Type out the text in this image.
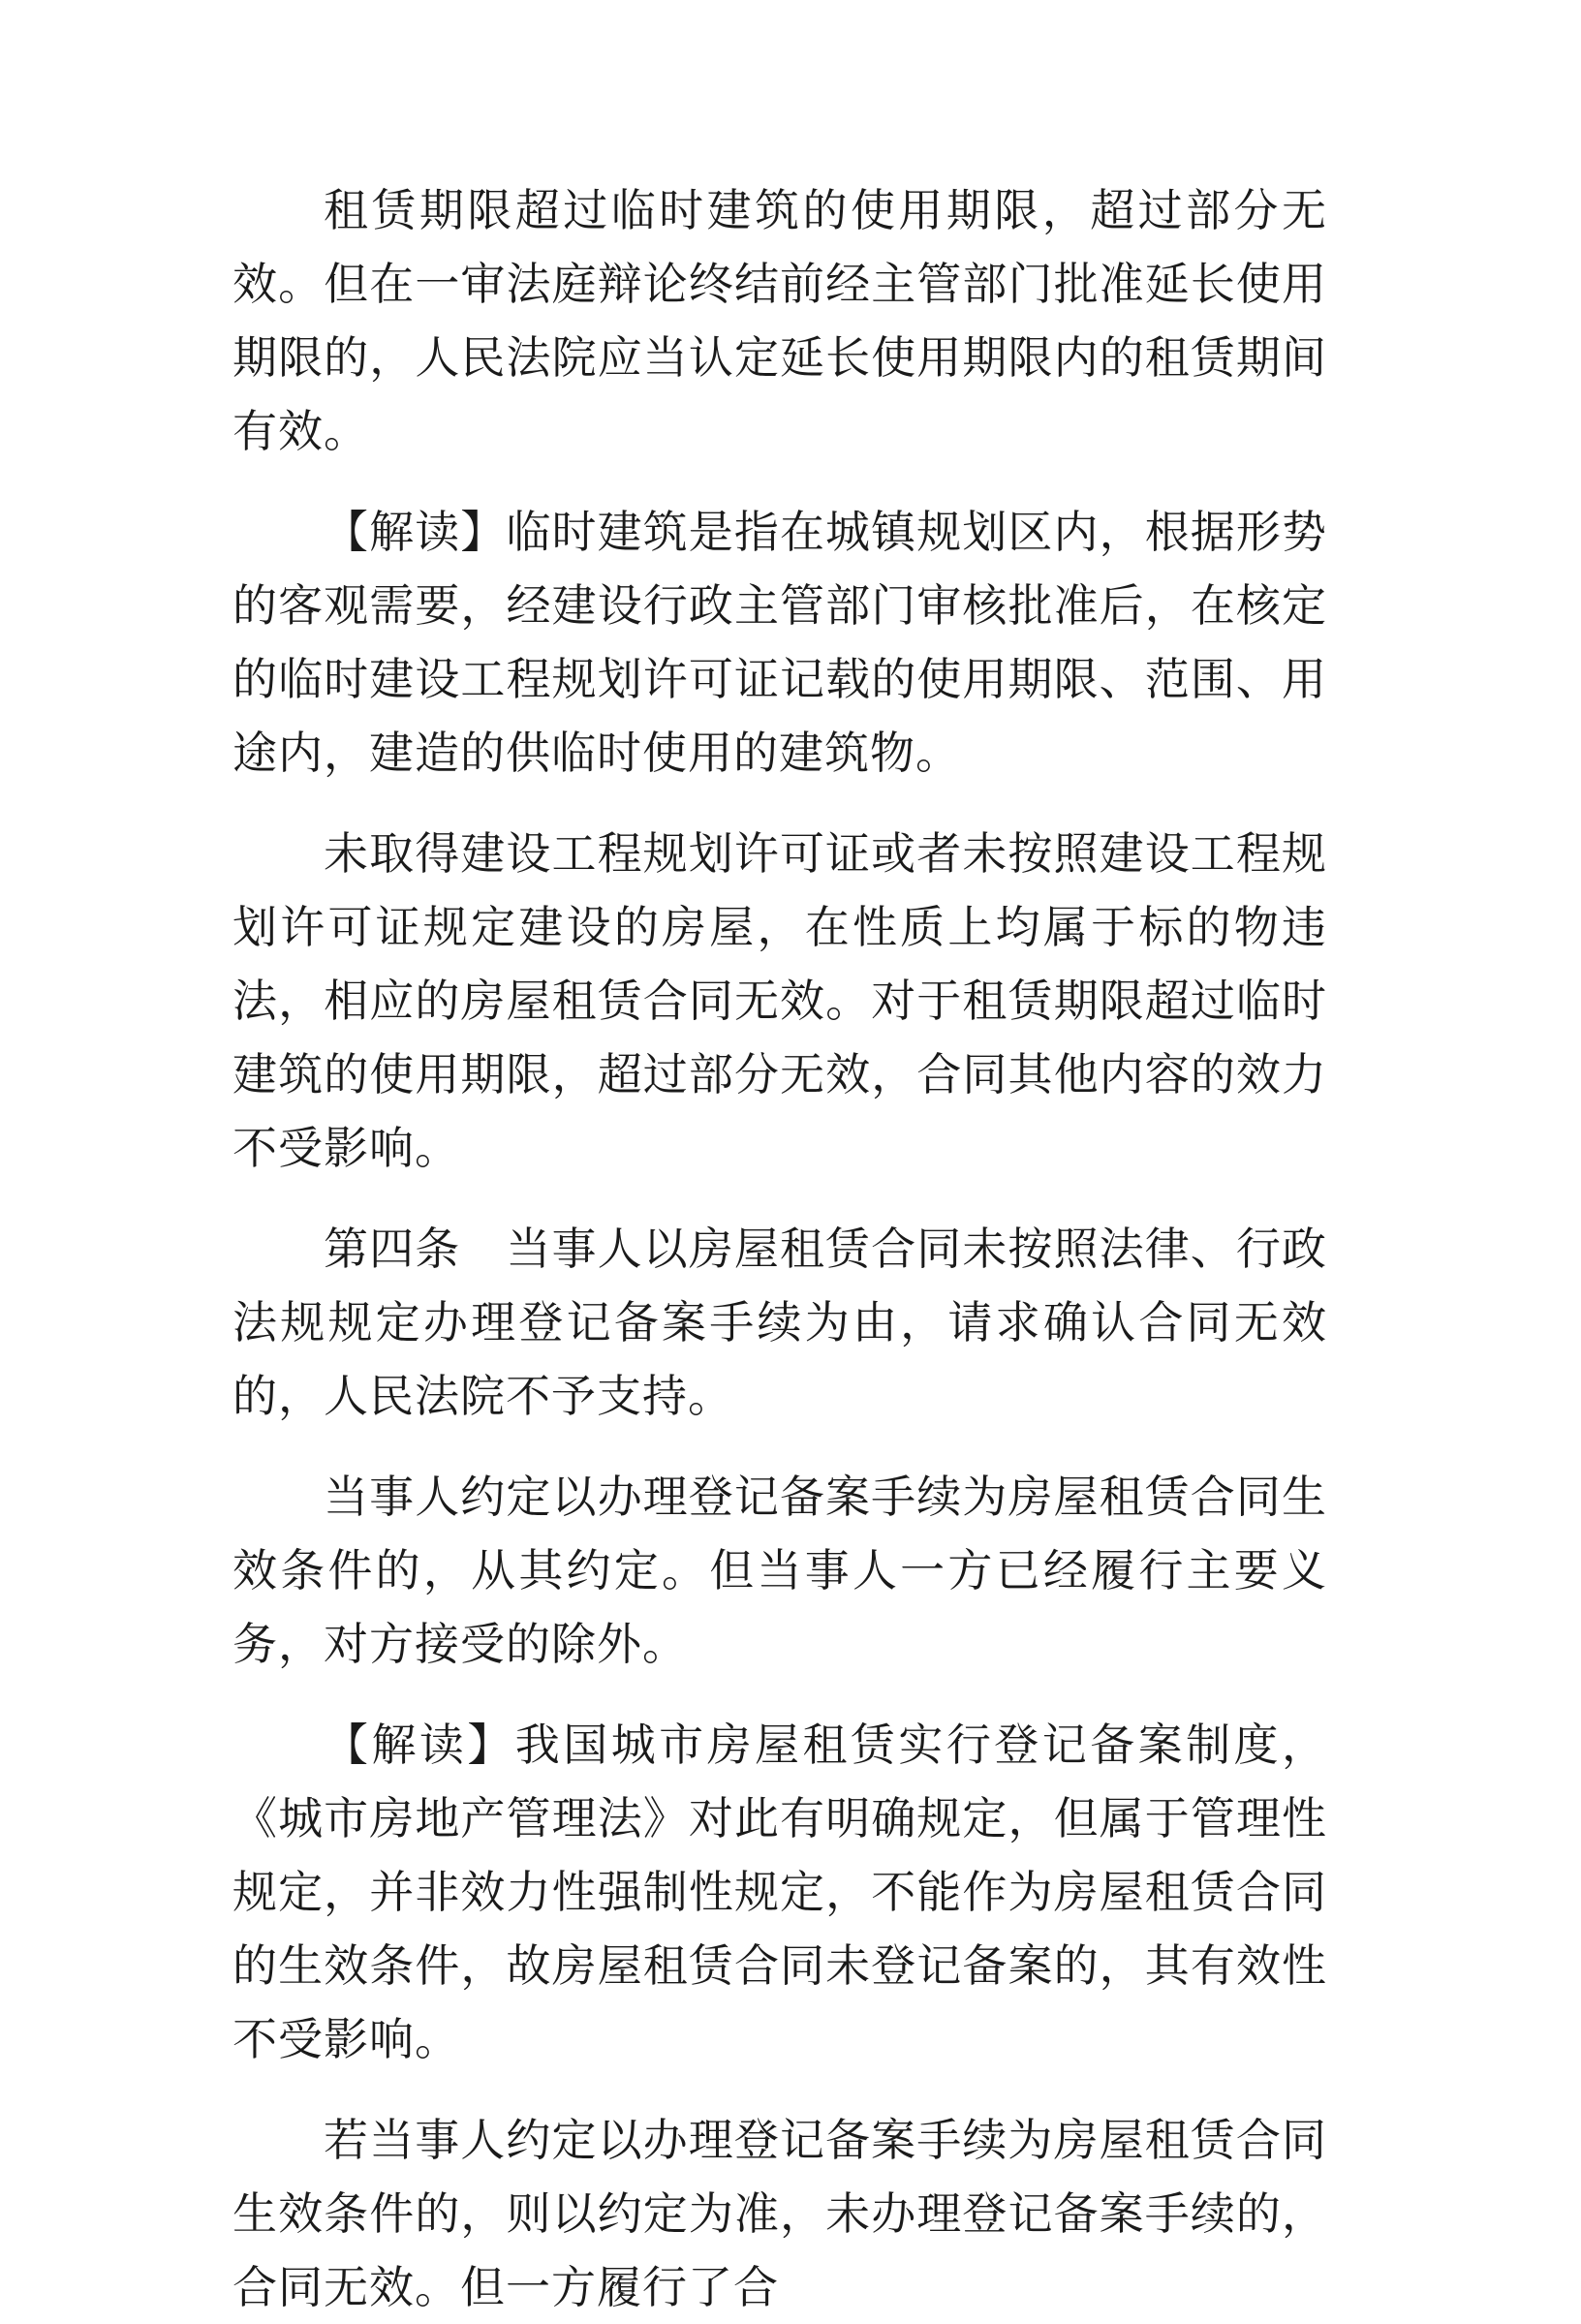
租赁期限超过临时建筑的使用期限，超过部分无效。但在一审法庭辩论终结前经主管部门批准延长使用期限的，人民法院应当认定延长使用期限内的租赁期间有效。

【解读】临时建筑是指在城镇规划区内，根据形势的客观需要，经建设行政主管部门审核批准后，在核定的临时建设工程规划许可证记载的使用期限、范围、用途内，建造的供临时使用的建筑物。

未取得建设工程规划许可证或者未按照建设工程规划许可证规定建设的房屋，在性质上均属于标的物违法，相应的房屋租赁合同无效。对于租赁期限超过临时建筑的使用期限，超过部分无效，合同其他内容的效力不受影响。

第四条　当事人以房屋租赁合同未按照法律、行政法规规定办理登记备案手续为由，请求确认合同无效的，人民法院不予支持。

当事人约定以办理登记备案手续为房屋租赁合同生效条件的，从其约定。但当事人一方已经履行主要义务，对方接受的除外。

【解读】我国城市房屋租赁实行登记备案制度，《城市房地产管理法》对此有明确规定，但属于管理性规定，并非效力性强制性规定，不能作为房屋租赁合同的生效条件，故房屋租赁合同未登记备案的，其有效性不受影响。

若当事人约定以办理登记备案手续为房屋租赁合同生效条件的，则以约定为准，未办理登记备案手续的，合同无效。但一方履行了合
